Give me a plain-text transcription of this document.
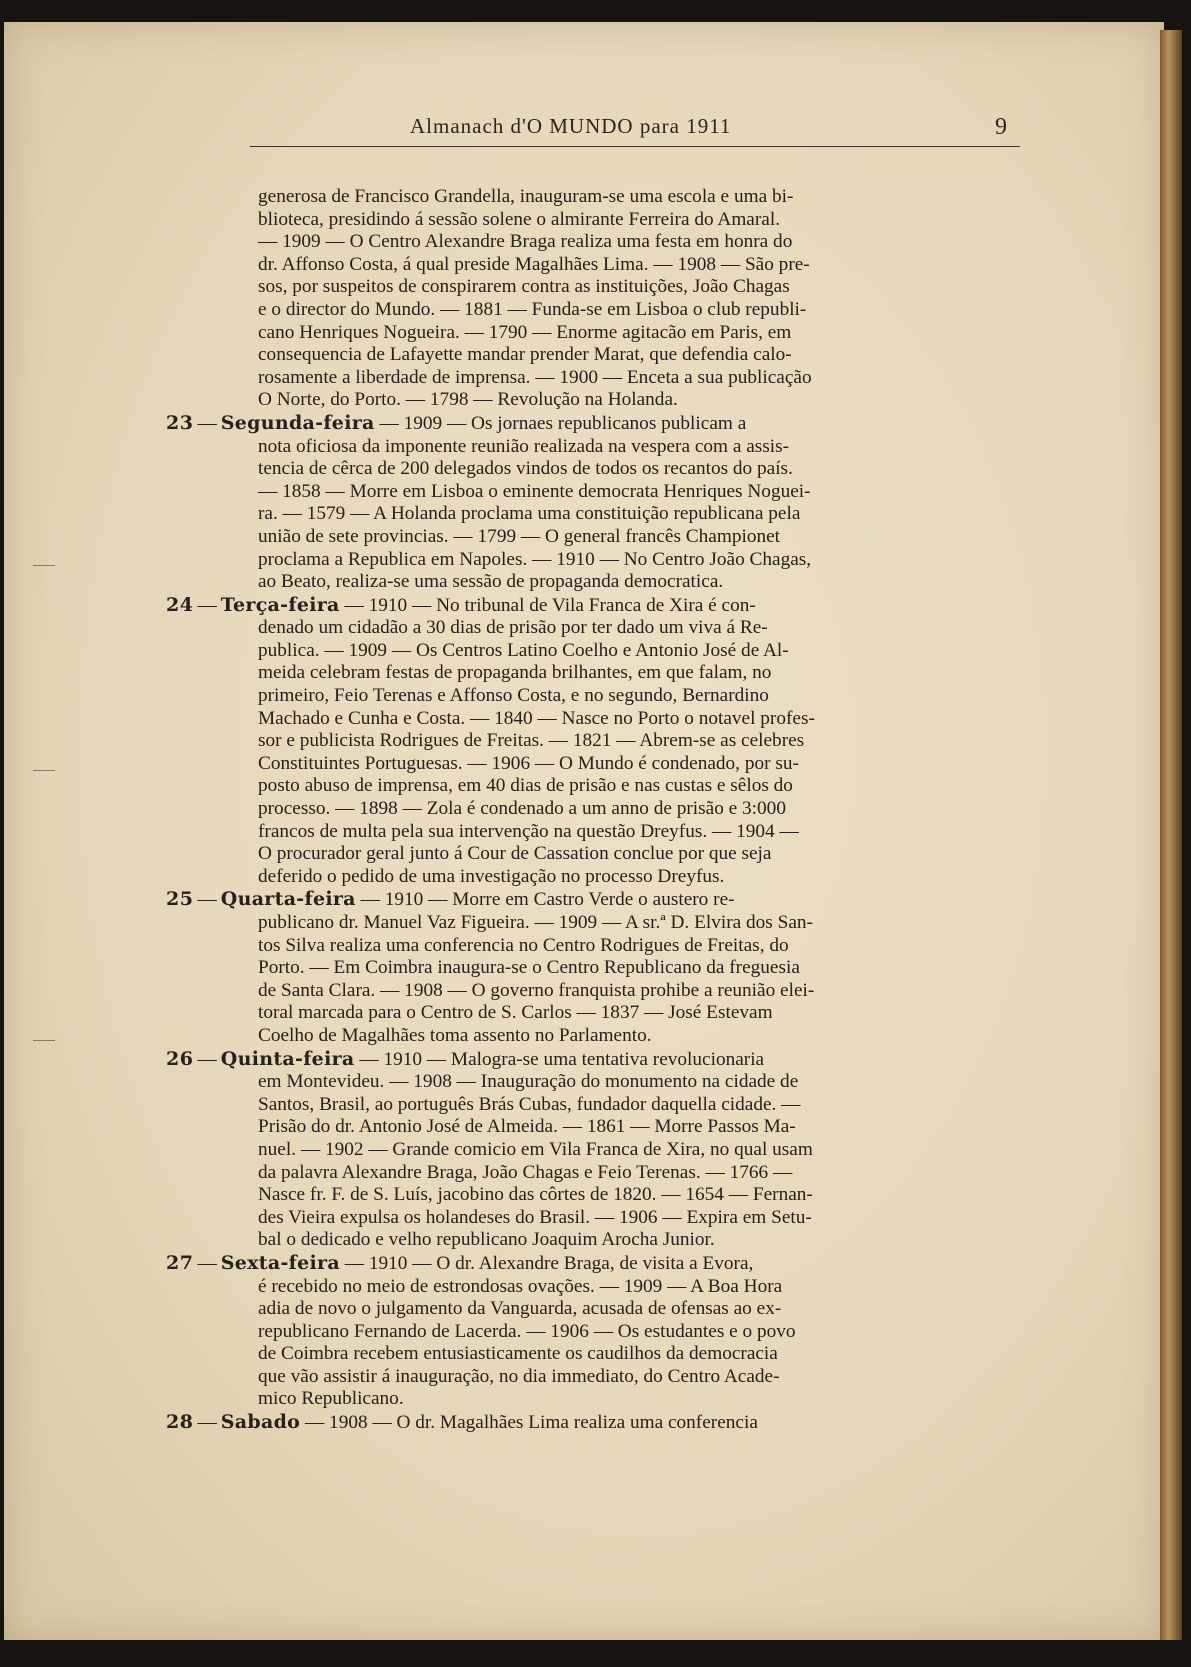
Almanach d'O MUNDO para 1911	9
generosa de Francisco Grandella, inauguram-se uma escola e uma bi-
blioteca, presidindo á sessão solene o almirante Ferreira do Amaral.
— 1909 — O Centro Alexandre Braga realiza uma festa em honra do
dr. Affonso Costa, á qual preside Magalhães Lima. — 1908 — São pre-
sos, por suspeitos de conspirarem contra as instituições, João Chagas
e o director do Mundo. — 1881 — Funda-se em Lisboa o club republi-
cano Henriques Nogueira. — 1790 — Enorme agitacão em Paris, em
consequencia de Lafayette mandar prender Marat, que defendia calo-
rosamente a liberdade de imprensa. — 1900 — Enceta a sua publicação
O Norte, do Porto. — 1798 — Revolução na Holanda.
23 — Segunda-feira — 1909 — Os jornaes republicanos publicam a
nota oficiosa da imponente reunião realizada na vespera com a assis-
tencia de cêrca de 200 delegados vindos de todos os recantos do país.
— 1858 — Morre em Lisboa o eminente democrata Henriques Noguei-
ra. — 1579 — A Holanda proclama uma constituição republicana pela
união de sete provincias. — 1799 — O general francês Championet
proclama a Republica em Napoles. — 1910 — No Centro João Chagas,
ao Beato, realiza-se uma sessão de propaganda democratica.
24 — Terça-feira — 1910 — No tribunal de Vila Franca de Xira é con-
denado um cidadão a 30 dias de prisão por ter dado um viva á Re-
publica. — 1909 — Os Centros Latino Coelho e Antonio José de Al-
meida celebram festas de propaganda brilhantes, em que falam, no
primeiro, Feio Terenas e Affonso Costa, e no segundo, Bernardino
Machado e Cunha e Costa. — 1840 — Nasce no Porto o notavel profes-
sor e publicista Rodrigues de Freitas. — 1821 — Abrem-se as celebres
Constituintes Portuguesas. — 1906 — O Mundo é condenado, por su-
posto abuso de imprensa, em 40 dias de prisão e nas custas e sêlos do
processo. — 1898 — Zola é condenado a um anno de prisão e 3:000
francos de multa pela sua intervenção na questão Dreyfus. — 1904 —
O procurador geral junto á Cour de Cassation conclue por que seja
deferido o pedido de uma investigação no processo Dreyfus.
25 — Quarta-feira — 1910 — Morre em Castro Verde o austero re-
publicano dr. Manuel Vaz Figueira. — 1909 — A sr.ª D. Elvira dos San-
tos Silva realiza uma conferencia no Centro Rodrigues de Freitas, do
Porto. — Em Coimbra inaugura-se o Centro Republicano da freguesia
de Santa Clara. — 1908 — O governo franquista prohibe a reunião elei-
toral marcada para o Centro de S. Carlos — 1837 — José Estevam
Coelho de Magalhães toma assento no Parlamento.
26 — Quinta-feira — 1910 — Malogra-se uma tentativa revolucionaria
em Montevideu. — 1908 — Inauguração do monumento na cidade de
Santos, Brasil, ao português Brás Cubas, fundador daquella cidade. —
Prisão do dr. Antonio José de Almeida. — 1861 — Morre Passos Ma-
nuel. — 1902 — Grande comicio em Vila Franca de Xira, no qual usam
da palavra Alexandre Braga, João Chagas e Feio Terenas. — 1766 —
Nasce fr. F. de S. Luís, jacobino das côrtes de 1820. — 1654 — Fernan-
des Vieira expulsa os holandeses do Brasil. — 1906 — Expira em Setu-
bal o dedicado e velho republicano Joaquim Arocha Junior.
27 — Sexta-feira — 1910 — O dr. Alexandre Braga, de visita a Evora,
é recebido no meio de estrondosas ovações. — 1909 — A Boa Hora
adia de novo o julgamento da Vanguarda, acusada de ofensas ao ex-
republicano Fernando de Lacerda. — 1906 — Os estudantes e o povo
de Coimbra recebem entusiasticamente os caudilhos da democracia
que vão assistir á inauguração, no dia immediato, do Centro Acade-
mico Republicano.
28 — Sabado — 1908 — O dr. Magalhães Lima realiza uma conferencia
